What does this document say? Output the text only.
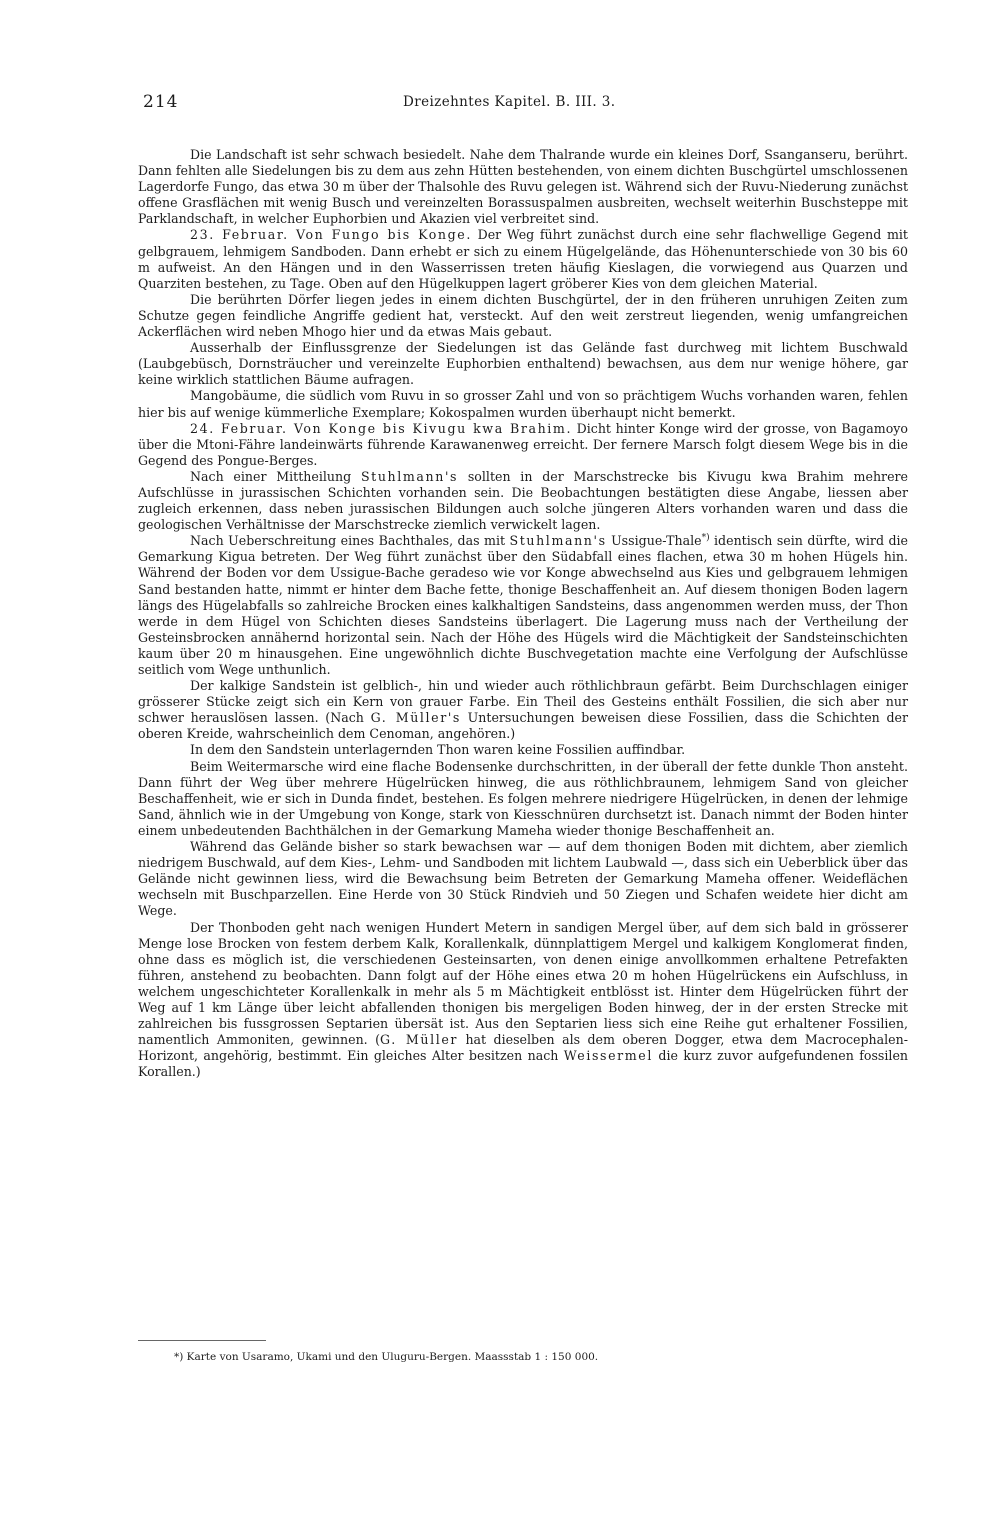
214	Dreizehntes Kapitel. B. III. 3.

Die Landschaft ist sehr schwach besiedelt. Nahe dem Thalrande wurde ein kleines Dorf, Ssanganseru, berührt. Dann fehlten alle Siedelungen bis zu dem aus zehn Hütten bestehenden, von einem dichten Buschgürtel umschlossenen Lagerdorfe Fungo, das etwa 30 m über der Thalsohle des Ruvu gelegen ist. Während sich der Ruvu-Niederung zunächst offene Grasflächen mit wenig Busch und vereinzelten Borassuspalmen ausbreiten, wechselt weiterhin Buschsteppe mit Parklandschaft, in welcher Euphorbien und Akazien viel verbreitet sind.

23. Februar. Von Fungo bis Konge. Der Weg führt zunächst durch eine sehr flachwellige Gegend mit gelbgrauem, lehmigem Sandboden. Dann erhebt er sich zu einem Hügelgelände, das Höhenunterschiede von 30 bis 60 m aufweist. An den Hängen und in den Wasserrissen treten häufig Kieslagen, die vorwiegend aus Quarzen und Quarziten bestehen, zu Tage. Oben auf den Hügelkuppen lagert gröberer Kies von dem gleichen Material.

Die berührten Dörfer liegen jedes in einem dichten Buschgürtel, der in den früheren unruhigen Zeiten zum Schutze gegen feindliche Angriffe gedient hat, versteckt. Auf den weit zerstreut liegenden, wenig umfangreichen Ackerflächen wird neben Mhogo hier und da etwas Mais gebaut.

Ausserhalb der Einflussgrenze der Siedelungen ist das Gelände fast durchweg mit lichtem Buschwald (Laubgebüsch, Dornsträucher und vereinzelte Euphorbien enthaltend) bewachsen, aus dem nur wenige höhere, gar keine wirklich stattlichen Bäume aufragen.

Mangobäume, die südlich vom Ruvu in so grosser Zahl und von so prächtigem Wuchs vorhanden waren, fehlen hier bis auf wenige kümmerliche Exemplare; Kokospalmen wurden überhaupt nicht bemerkt.

24. Februar. Von Konge bis Kivugu kwa Brahim. Dicht hinter Konge wird der grosse, von Bagamoyo über die Mtoni-Fähre landeinwärts führende Karawanenweg erreicht. Der fernere Marsch folgt diesem Wege bis in die Gegend des Pongue-Berges.

Nach einer Mittheilung Stuhlmann's sollten in der Marschstrecke bis Kivugu kwa Brahim mehrere Aufschlüsse in jurassischen Schichten vorhanden sein. Die Beobachtungen bestätigten diese Angabe, liessen aber zugleich erkennen, dass neben jurassischen Bildungen auch solche jüngeren Alters vorhanden waren und dass die geologischen Verhältnisse der Marschstrecke ziemlich verwickelt lagen.

Nach Ueberschreitung eines Bachthales, das mit Stuhlmann's Ussigue-Thale*) identisch sein dürfte, wird die Gemarkung Kigua betreten. Der Weg führt zunächst über den Südabfall eines flachen, etwa 30 m hohen Hügels hin. Während der Boden vor dem Ussigue-Bache geradeso wie vor Konge abwechselnd aus Kies und gelbgrauem lehmigen Sand bestanden hatte, nimmt er hinter dem Bache fette, thonige Beschaffenheit an. Auf diesem thonigen Boden lagern längs des Hügelabfalls so zahlreiche Brocken eines kalkhaltigen Sandsteins, dass angenommen werden muss, der Thon werde in dem Hügel von Schichten dieses Sandsteins überlagert. Die Lagerung muss nach der Vertheilung der Gesteinsbrocken annähernd horizontal sein. Nach der Höhe des Hügels wird die Mächtigkeit der Sandsteinschichten kaum über 20 m hinausgehen. Eine ungewöhnlich dichte Buschvegetation machte eine Verfolgung der Aufschlüsse seitlich vom Wege unthunlich.

Der kalkige Sandstein ist gelblich-, hin und wieder auch röthlichbraun gefärbt. Beim Durchschlagen einiger grösserer Stücke zeigt sich ein Kern von grauer Farbe. Ein Theil des Gesteins enthält Fossilien, die sich aber nur schwer herauslösen lassen. (Nach G. Müller's Untersuchungen beweisen diese Fossilien, dass die Schichten der oberen Kreide, wahrscheinlich dem Cenoman, angehören.)

In dem den Sandstein unterlagernden Thon waren keine Fossilien auffindbar.

Beim Weitermarsche wird eine flache Bodensenke durchschritten, in der überall der fette dunkle Thon ansteht. Dann führt der Weg über mehrere Hügelrücken hinweg, die aus röthlichbraunem, lehmigem Sand von gleicher Beschaffenheit, wie er sich in Dunda findet, bestehen. Es folgen mehrere niedrigere Hügelrücken, in denen der lehmige Sand, ähnlich wie in der Umgebung von Konge, stark von Kiesschnüren durchsetzt ist. Danach nimmt der Boden hinter einem unbedeutenden Bachthälchen in der Gemarkung Mameha wieder thonige Beschaffenheit an.

Während das Gelände bisher so stark bewachsen war — auf dem thonigen Boden mit dichtem, aber ziemlich niedrigem Buschwald, auf dem Kies-, Lehm- und Sandboden mit lichtem Laubwald —, dass sich ein Ueberblick über das Gelände nicht gewinnen liess, wird die Bewachsung beim Betreten der Gemarkung Mameha offener. Weideflächen wechseln mit Buschparzellen. Eine Herde von 30 Stück Rindvieh und 50 Ziegen und Schafen weidete hier dicht am Wege.

Der Thonboden geht nach wenigen Hundert Metern in sandigen Mergel über, auf dem sich bald in grösserer Menge lose Brocken von festem derbem Kalk, Korallenkalk, dünnplattigem Mergel und kalkigem Konglomerat finden, ohne dass es möglich ist, die verschiedenen Gesteinsarten, von denen einige anvollkommen erhaltene Petrefakten führen, anstehend zu beobachten. Dann folgt auf der Höhe eines etwa 20 m hohen Hügelrückens ein Aufschluss, in welchem ungeschichteter Korallenkalk in mehr als 5 m Mächtigkeit entblösst ist. Hinter dem Hügelrücken führt der Weg auf 1 km Länge über leicht abfallenden thonigen bis mergeligen Boden hinweg, der in der ersten Strecke mit zahlreichen bis fussgrossen Septarien übersät ist. Aus den Septarien liess sich eine Reihe gut erhaltener Fossilien, namentlich Ammoniten, gewinnen. (G. Müller hat dieselben als dem oberen Dogger, etwa dem Macrocephalen-Horizont, angehörig, bestimmt. Ein gleiches Alter besitzen nach Weissermel die kurz zuvor aufgefundenen fossilen Korallen.)

*) Karte von Usaramo, Ukami und den Uluguru-Bergen. Maassstab 1 : 150 000.
